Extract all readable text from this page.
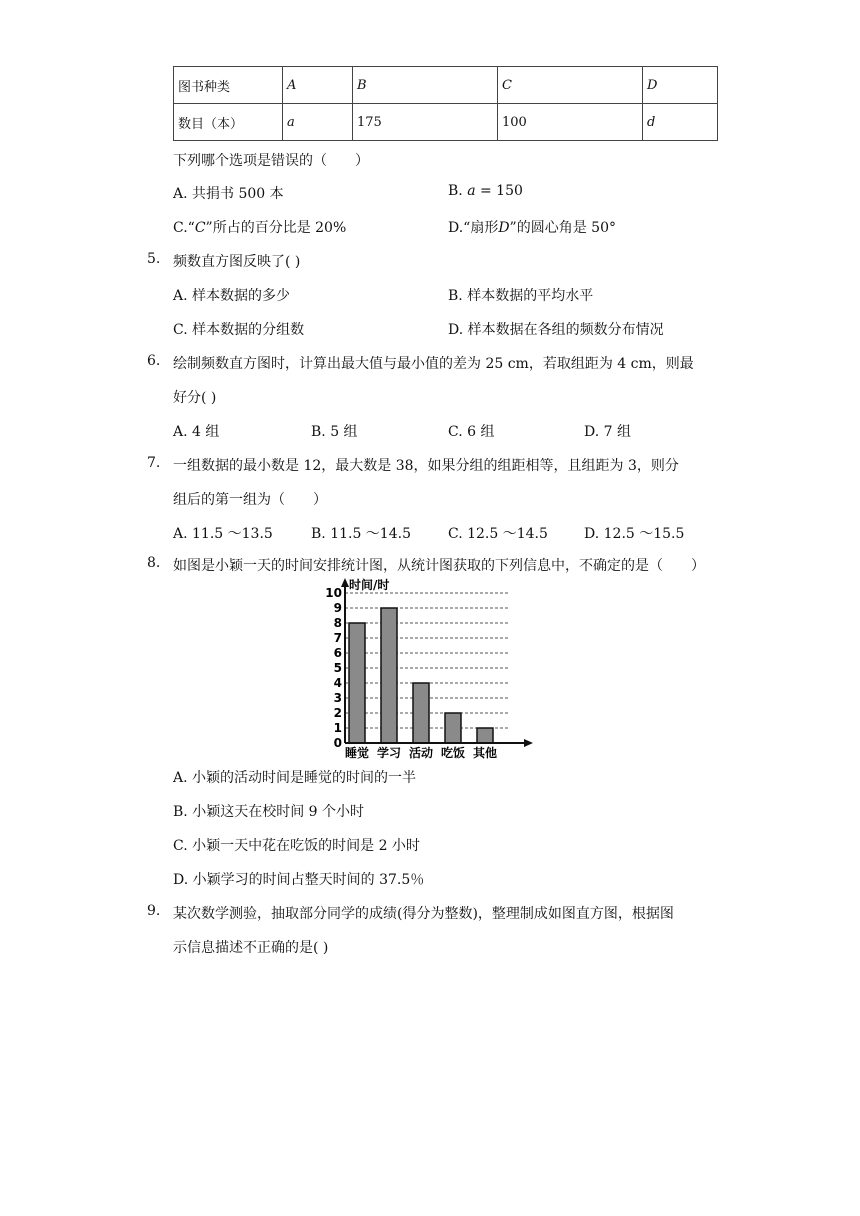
图书种类	A	B	C	D
数目（本）	a	175	100	d
下列哪个选项是错误的（　　）
A. 共捐书 500 本	B. 𝑎 = 150
C.“𝐶”所占的百分比是 20%	D.“扇形𝐷”的圆心角是 50°
5. 频数直方图反映了( )
A. 样本数据的多少	B. 样本数据的平均水平
C. 样本数据的分组数	D. 样本数据在各组的频数分布情况
6. 绘制频数直方图时，计算出最大值与最小值的差为 25 cm，若取组距为 4 cm，则最
好分( )
A. 4 组	B. 5 组	C. 6 组	D. 7 组
7. 一组数据的最小数是 12，最大数是 38，如果分组的组距相等，且组距为 3，则分
组后的第一组为（　　）
A. 11.5 ～13.5	B. 11.5 ～14.5	C. 12.5 ～14.5	D. 12.5 ～15.5
8. 如图是小颖一天的时间安排统计图，从统计图获取的下列信息中，不确定的是（　　）
睡觉 学习 活动 吃饭 其他
0
1
2
3
4
5
6
7
8
9
10
时间/时
A. 小颖的活动时间是睡觉的时间的一半
B. 小颖这天在校时间 9 个小时
C. 小颖一天中花在吃饭的时间是 2 小时
D. 小颖学习的时间占整天时间的 37.5％
9. 某次数学测验，抽取部分同学的成绩(得分为整数)，整理制成如图直方图，根据图
示信息描述不正确的是( )
